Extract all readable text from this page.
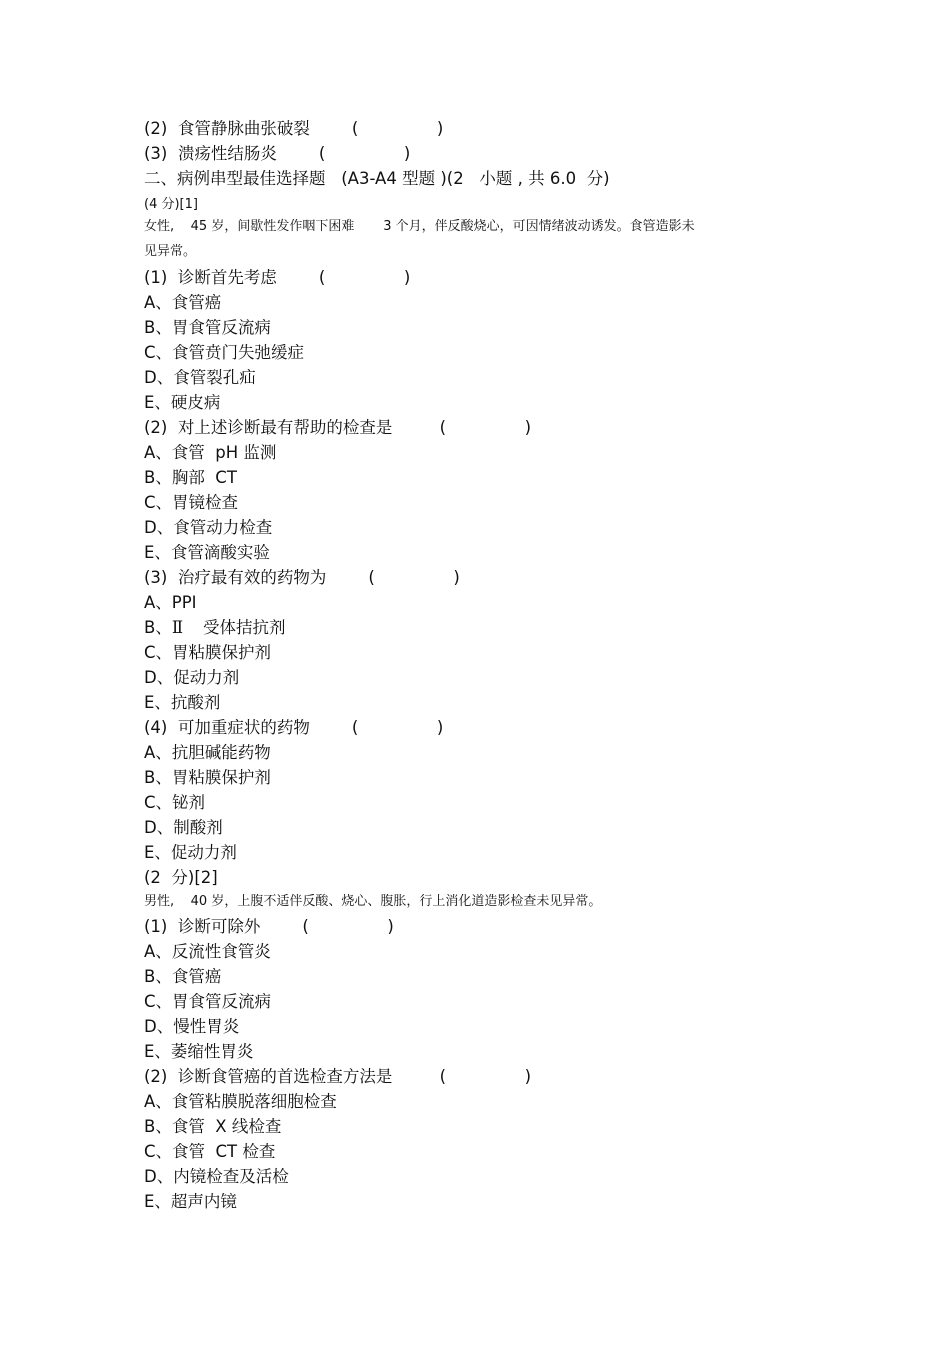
(2)  食管静脉曲张破裂        (               )
(3)  溃疡性结肠炎        (               )
二、病例串型最佳选择题   (A3-A4 型题 )(2   小题 , 共 6.0  分)
(4 分)[1]
女性,    45 岁，间歇性发作咽下困难       3 个月，伴反酸烧心，可因情绪波动诱发。食管造影未
见异常。
(1)  诊断首先考虑        (               )
A、食管癌
B、胃食管反流病
C、食管贲门失弛缓症
D、食管裂孔疝
E、硬皮病
(2)  对上述诊断最有帮助的检查是         (               )
A、食管  pH 监测
B、胸部  CT
C、胃镜检查
D、食管动力检查
E、食管滴酸实验
(3)  治疗最有效的药物为        (               )
A、PPI
B、Ⅱ 受体拮抗剂
C、胃粘膜保护剂
D、促动力剂
E、抗酸剂
(4)  可加重症状的药物        (               )
A、抗胆碱能药物
B、胃粘膜保护剂
C、铋剂
D、制酸剂
E、促动力剂
(2  分)[2]
男性,    40 岁，上腹不适伴反酸、烧心、腹胀，行上消化道造影检查未见异常。
(1)  诊断可除外        (               )
A、反流性食管炎
B、食管癌
C、胃食管反流病
D、慢性胃炎
E、萎缩性胃炎
(2)  诊断食管癌的首选检查方法是         (               )
A、食管粘膜脱落细胞检查
B、食管  X 线检查
C、食管  CT 检查
D、内镜检查及活检
E、超声内镜
